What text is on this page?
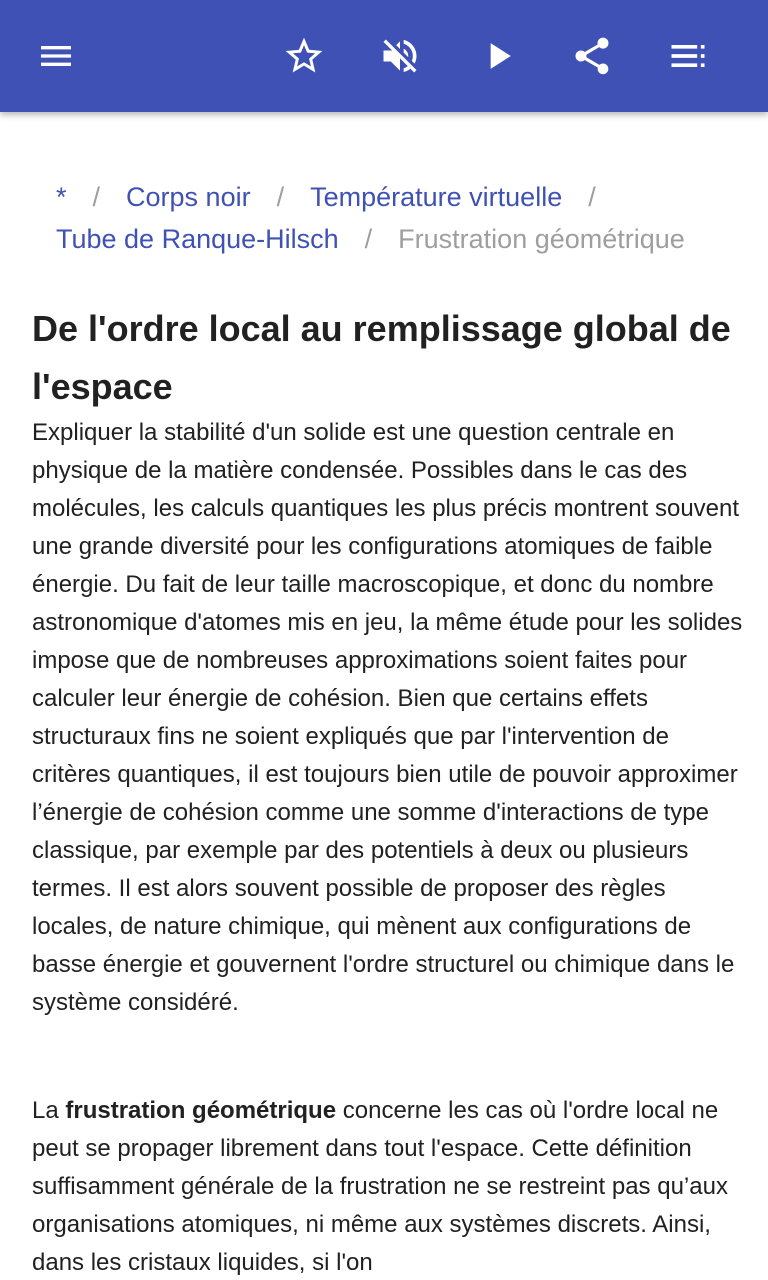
* / Corps noir / Température virtuelle /
Tube de Ranque-Hilsch / Frustration géométrique
De l'ordre local au remplissage global de l'espace

Expliquer la stabilité d'un solide est une question centrale en physique de la matière condensée. Possibles dans le cas des molécules, les calculs quantiques les plus précis montrent souvent une grande diversité pour les configurations atomiques de faible énergie. Du fait de leur taille macroscopique, et donc du nombre astronomique d'atomes mis en jeu, la même étude pour les solides impose que de nombreuses approximations soient faites pour calculer leur énergie de cohésion. Bien que certains effets structuraux fins ne soient expliqués que par l'intervention de critères quantiques, il est toujours bien utile de pouvoir approximer l’énergie de cohésion comme une somme d'interactions de type classique, par exemple par des potentiels à deux ou plusieurs termes. Il est alors souvent possible de proposer des règles locales, de nature chimique, qui mènent aux configurations de basse énergie et gouvernent l'ordre structurel ou chimique dans le système considéré.

La frustration géométrique concerne les cas où l'ordre local ne peut se propager librement dans tout l'espace. Cette définition suffisamment générale de la frustration ne se restreint pas qu’aux organisations atomiques, ni même aux systèmes discrets. Ainsi, dans les cristaux liquides, si l'on
